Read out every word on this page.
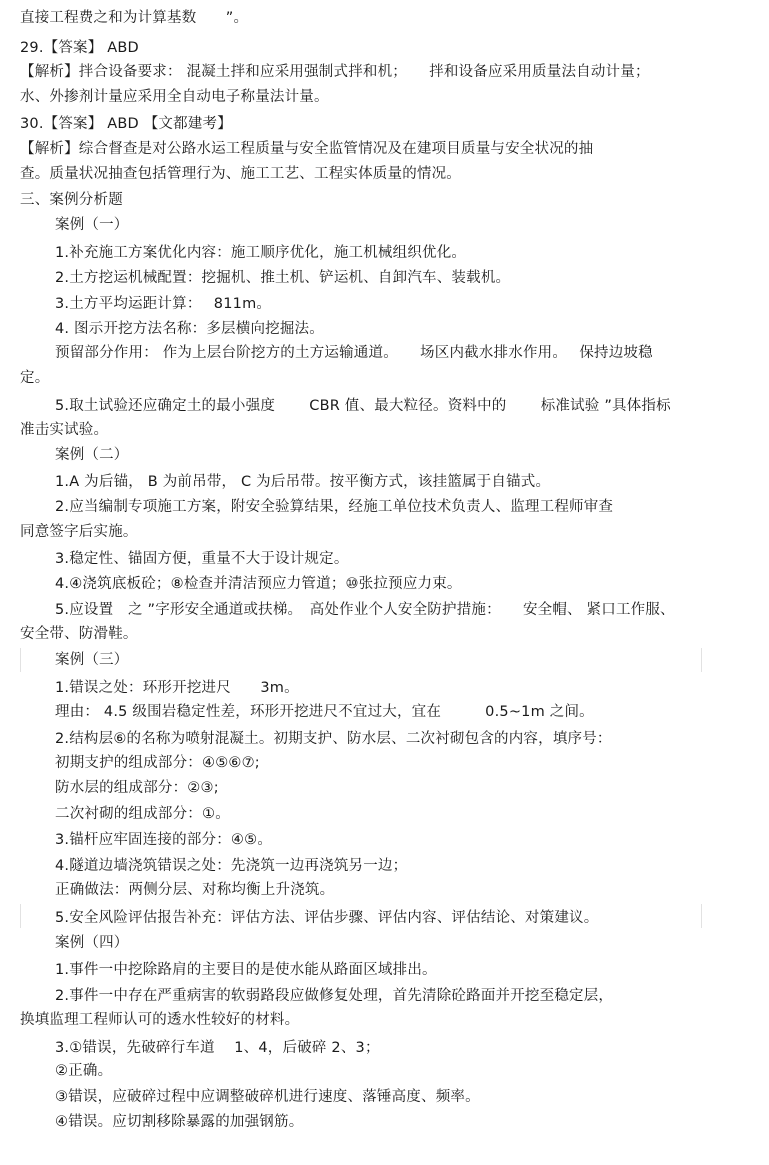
直接工程费之和为计算基数　　”。
29.【答案】 ABD
【解析】拌合设备要求： 混凝土拌和应采用强制式拌和机；　　拌和设备应采用质量法自动计量；
水、外掺剂计量应采用全自动电子称量法计量。
30.【答案】 ABD 【文都建考】
【解析】综合督查是对公路水运工程质量与安全监管情况及在建项目质量与安全状况的抽
查。质量状况抽查包括管理行为、施工工艺、工程实体质量的情况。
三、案例分析题
案例（一）
1.补充施工方案优化内容：施工顺序优化，施工机械组织优化。
2.土方挖运机械配置：挖掘机、推土机、铲运机、自卸汽车、装载机。
3.土方平均运距计算：　 811m。
4. 图示开挖方法名称：多层横向挖掘法。
预留部分作用： 作为上层台阶挖方的土方运输通道。　　场区内截水排水作用。　 保持边坡稳
定。
5.取土试验还应确定土的最小强度　　 CBR 值、最大粒径。资料中的　　 标准试验 ”具体指标
准击实试验。
案例（二）
1.A 为后锚， B 为前吊带， C 为后吊带。按平衡方式，该挂篮属于自锚式。
2.应当编制专项施工方案，附安全验算结果，经施工单位技术负责人、监理工程师审查
同意签字后实施。
3.稳定性、锚固方便，重量不大于设计规定。
4.④浇筑底板砼；⑧检查并清洁预应力管道；⑩张拉预应力束。
5.应设置　之 ”字形安全通道或扶梯。　高处作业个人安全防护措施：　　安全帽、 紧口工作服、
安全带、防滑鞋。
案例（三）
1.错误之处：环形开挖进尺　　3m。
理由： 4.5 级围岩稳定性差，环形开挖进尺不宜过大，宜在　　　0.5~1m 之间。
2.结构层⑥的名称为喷射混凝土。初期支护、防水层、二次衬砌包含的内容，填序号：
初期支护的组成部分：④⑤⑥⑦;
防水层的组成部分：②③;
二次衬砌的组成部分：①。
3.锚杆应牢固连接的部分：④⑤。
4.隧道边墙浇筑错误之处：先浇筑一边再浇筑另一边；
正确做法：两侧分层、对称均衡上升浇筑。
5.安全风险评估报告补充：评估方法、评估步骤、评估内容、评估结论、对策建议。
案例（四）
1.事件一中挖除路肩的主要目的是使水能从路面区域排出。
2.事件一中存在严重病害的软弱路段应做修复处理，首先清除砼路面并开挖至稳定层，
换填监理工程师认可的透水性较好的材料。
3.①错误，先破碎行车道　 1、4，后破碎 2、3；
②正确。
③错误，应破碎过程中应调整破碎机进行速度、落锤高度、频率。
④错误。应切割移除暴露的加强钢筋。
